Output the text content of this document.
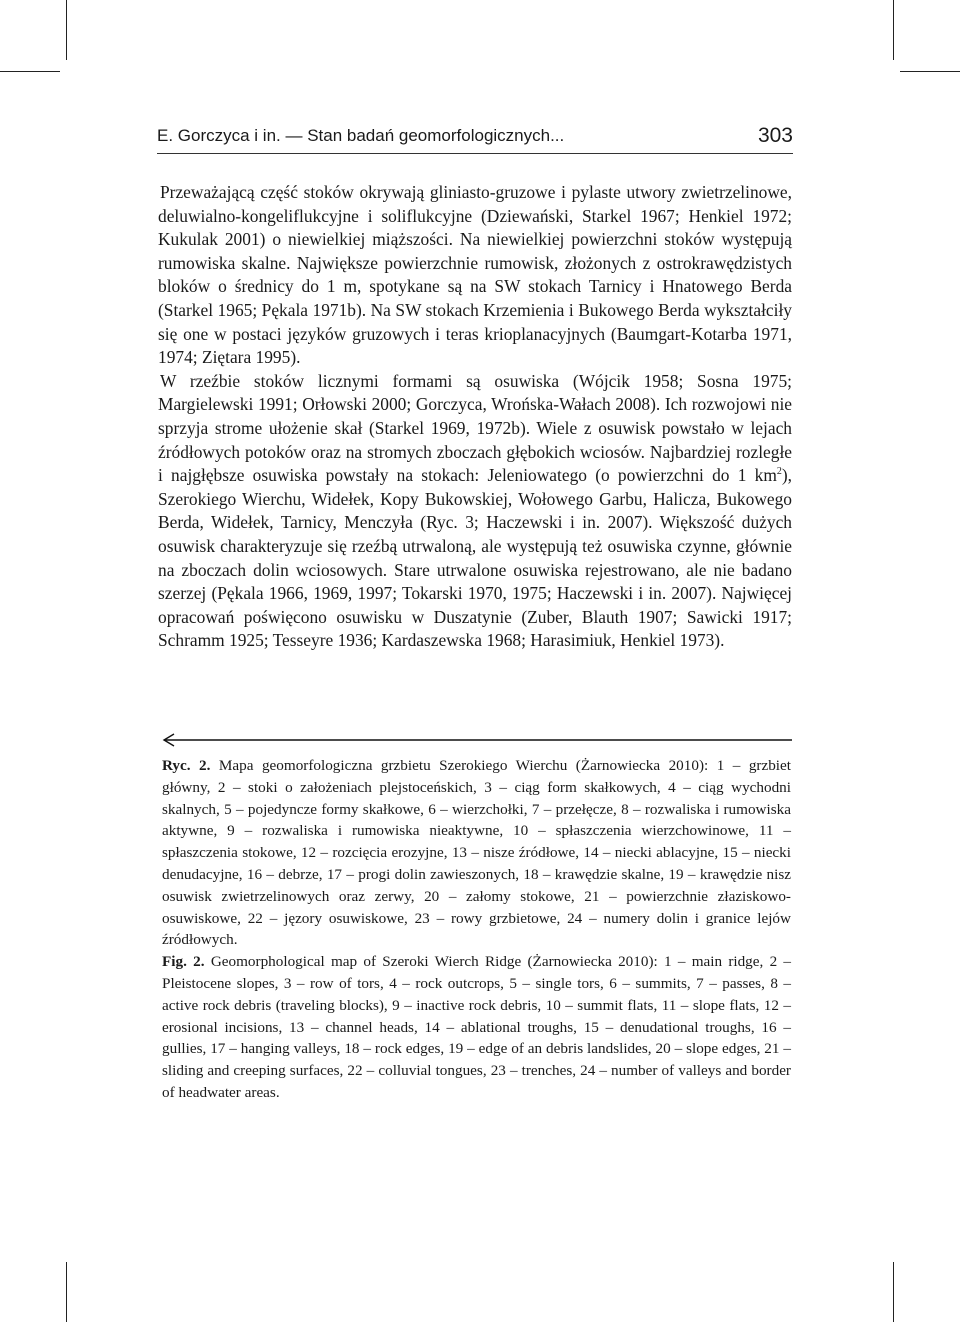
E. Gorczyca i in. — Stan badań geomorfologicznych...	303

Przeważającą część stoków okrywają gliniasto-gruzowe i pylaste utwory zwietrzelinowe, deluwialno-kongeliflukcyjne i soliflukcyjne (Dziewański, Starkel 1967; Henkiel 1972; Kukulak 2001) o niewielkiej miąższości. Na niewielkiej powierzchni stoków występują rumowiska skalne. Największe powierzchnie rumowisk, złożonych z ostrokrawędzistych bloków o średnicy do 1 m, spotykane są na SW stokach Tarnicy i Hnatowego Berda (Starkel 1965; Pękala 1971b). Na SW stokach Krzemienia i Bukowego Berda wykształciły się one w postaci języków gruzowych i teras krioplanacyjnych (Baumgart-Kotarba 1971, 1974; Ziętara 1995).

W rzeźbie stoków licznymi formami są osuwiska (Wójcik 1958; Sosna 1975; Margielewski 1991; Orłowski 2000; Gorczyca, Wrońska-Wałach 2008). Ich rozwojowi nie sprzyja strome ułożenie skał (Starkel 1969, 1972b). Wiele z osuwisk powstało w lejach źródłowych potoków oraz na stromych zboczach głębokich wciosów. Najbardziej rozległe i najgłębsze osuwiska powstały na stokach: Jeleniowatego (o powierzchni do 1 $km^2$), Szerokiego Wierchu, Widełek, Kopy Bukowskiej, Wołowego Garbu, Halicza, Bukowego Berda, Widełek, Tarnicy, Menczyła (Ryc. 3; Haczewski i in. 2007). Większość dużych osuwisk charakteryzuje się rzeźbą utrwaloną, ale występują też osuwiska czynne, głównie na zboczach dolin wciosowych. Stare utrwalone osuwiska rejestrowano, ale nie badano szerzej (Pękala 1966, 1969, 1997; Tokarski 1970, 1975; Haczewski i in. 2007). Najwięcej opracowań poświęcono osuwisku w Duszatynie (Zuber, Blauth 1907; Sawicki 1917; Schramm 1925; Tesseyre 1936; Kardaszewska 1968; Harasimiuk, Henkiel 1973).

Ryc. 2. Mapa geomorfologiczna grzbietu Szerokiego Wierchu (Żarnowiecka 2010): 1 – grzbiet główny, 2 – stoki o założeniach plejstoceńskich, 3 – ciąg form skałkowych, 4 – ciąg wychodni skalnych, 5 – pojedyncze formy skałkowe, 6 – wierzchołki, 7 – przełęcze, 8 – rozwaliska i rumowiska aktywne, 9 – rozwaliska i rumowiska nieaktywne, 10 – spłaszczenia wierzchowinowe, 11 – spłaszczenia stokowe, 12 – rozcięcia erozyjne, 13 – nisze źródłowe, 14 – niecki ablacyjne, 15 – niecki denudacyjne, 16 – debrze, 17 – progi dolin zawieszonych, 18 – krawędzie skalne, 19 – krawędzie nisz osuwisk zwietrzelinowych oraz zerwy, 20 – załomy stokowe, 21 – powierzchnie złaziskowo-osuwiskowe, 22 – jęzory osuwiskowe, 23 – rowy grzbietowe, 24 – numery dolin i granice lejów źródłowych.

Fig. 2. Geomorphological map of Szeroki Wierch Ridge (Żarnowiecka 2010): 1 – main ridge, 2 – Pleistocene slopes, 3 – row of tors, 4 – rock outcrops, 5 – single tors, 6 – summits, 7 – passes, 8 – active rock debris (traveling blocks), 9 – inactive rock debris, 10 – summit flats, 11 – slope flats, 12 – erosional incisions, 13 – channel heads, 14 – ablational troughs, 15 – denudational troughs, 16 – gullies, 17 – hanging valleys, 18 – rock edges, 19 – edge of an debris landslides, 20 – slope edges, 21 – sliding and creeping surfaces, 22 – colluvial tongues, 23 – trenches, 24 – number of valleys and border of headwater areas.
